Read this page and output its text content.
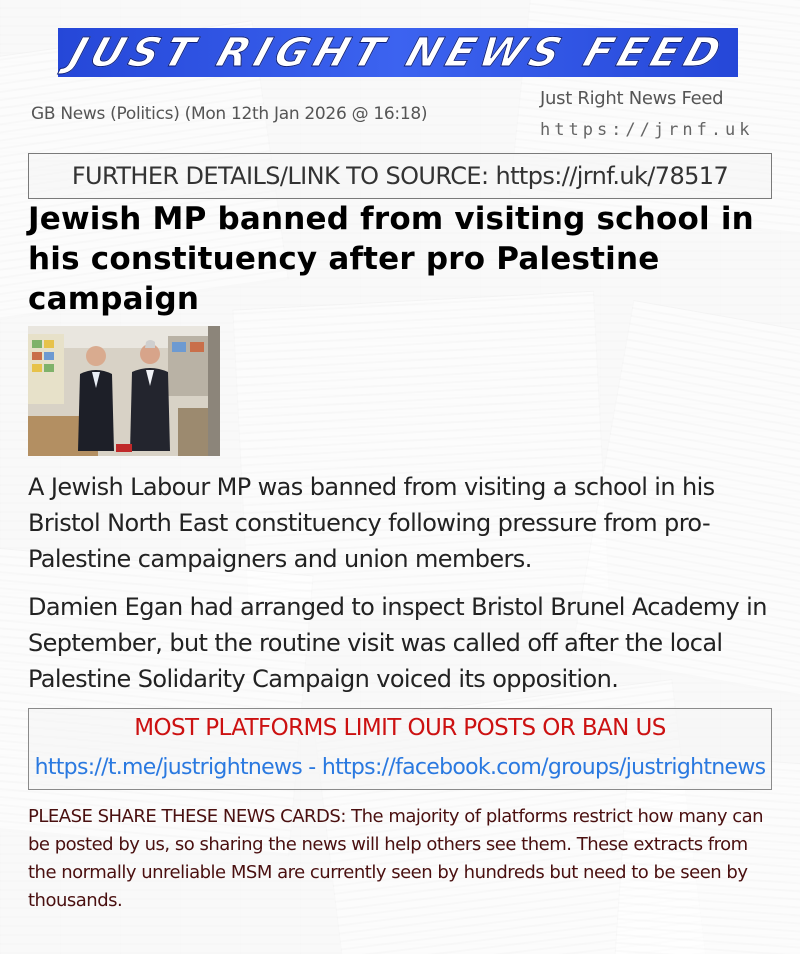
JUST RIGHT NEWS FEED
GB News (Politics) (Mon 12th Jan 2026 @ 16:18)
Just Right News Feed
https://jrnf.uk
FURTHER DETAILS/LINK TO SOURCE: https://jrnf.uk/78517
Jewish MP banned from visiting school in his constituency after pro Palestine campaign

A Jewish Labour MP was banned from visiting a school in his Bristol North East constituency following pressure from pro-Palestine campaigners and union members.

Damien Egan had arranged to inspect Bristol Brunel Academy in September, but the routine visit was called off after the local Palestine Solidarity Campaign voiced its opposition.

MOST PLATFORMS LIMIT OUR POSTS OR BAN US
https://t.me/justrightnews - https://facebook.com/groups/justrightnews

PLEASE SHARE THESE NEWS CARDS: The majority of platforms restrict how many can be posted by us, so sharing the news will help others see them. These extracts from the normally unreliable MSM are currently seen by hundreds but need to be seen by thousands.
